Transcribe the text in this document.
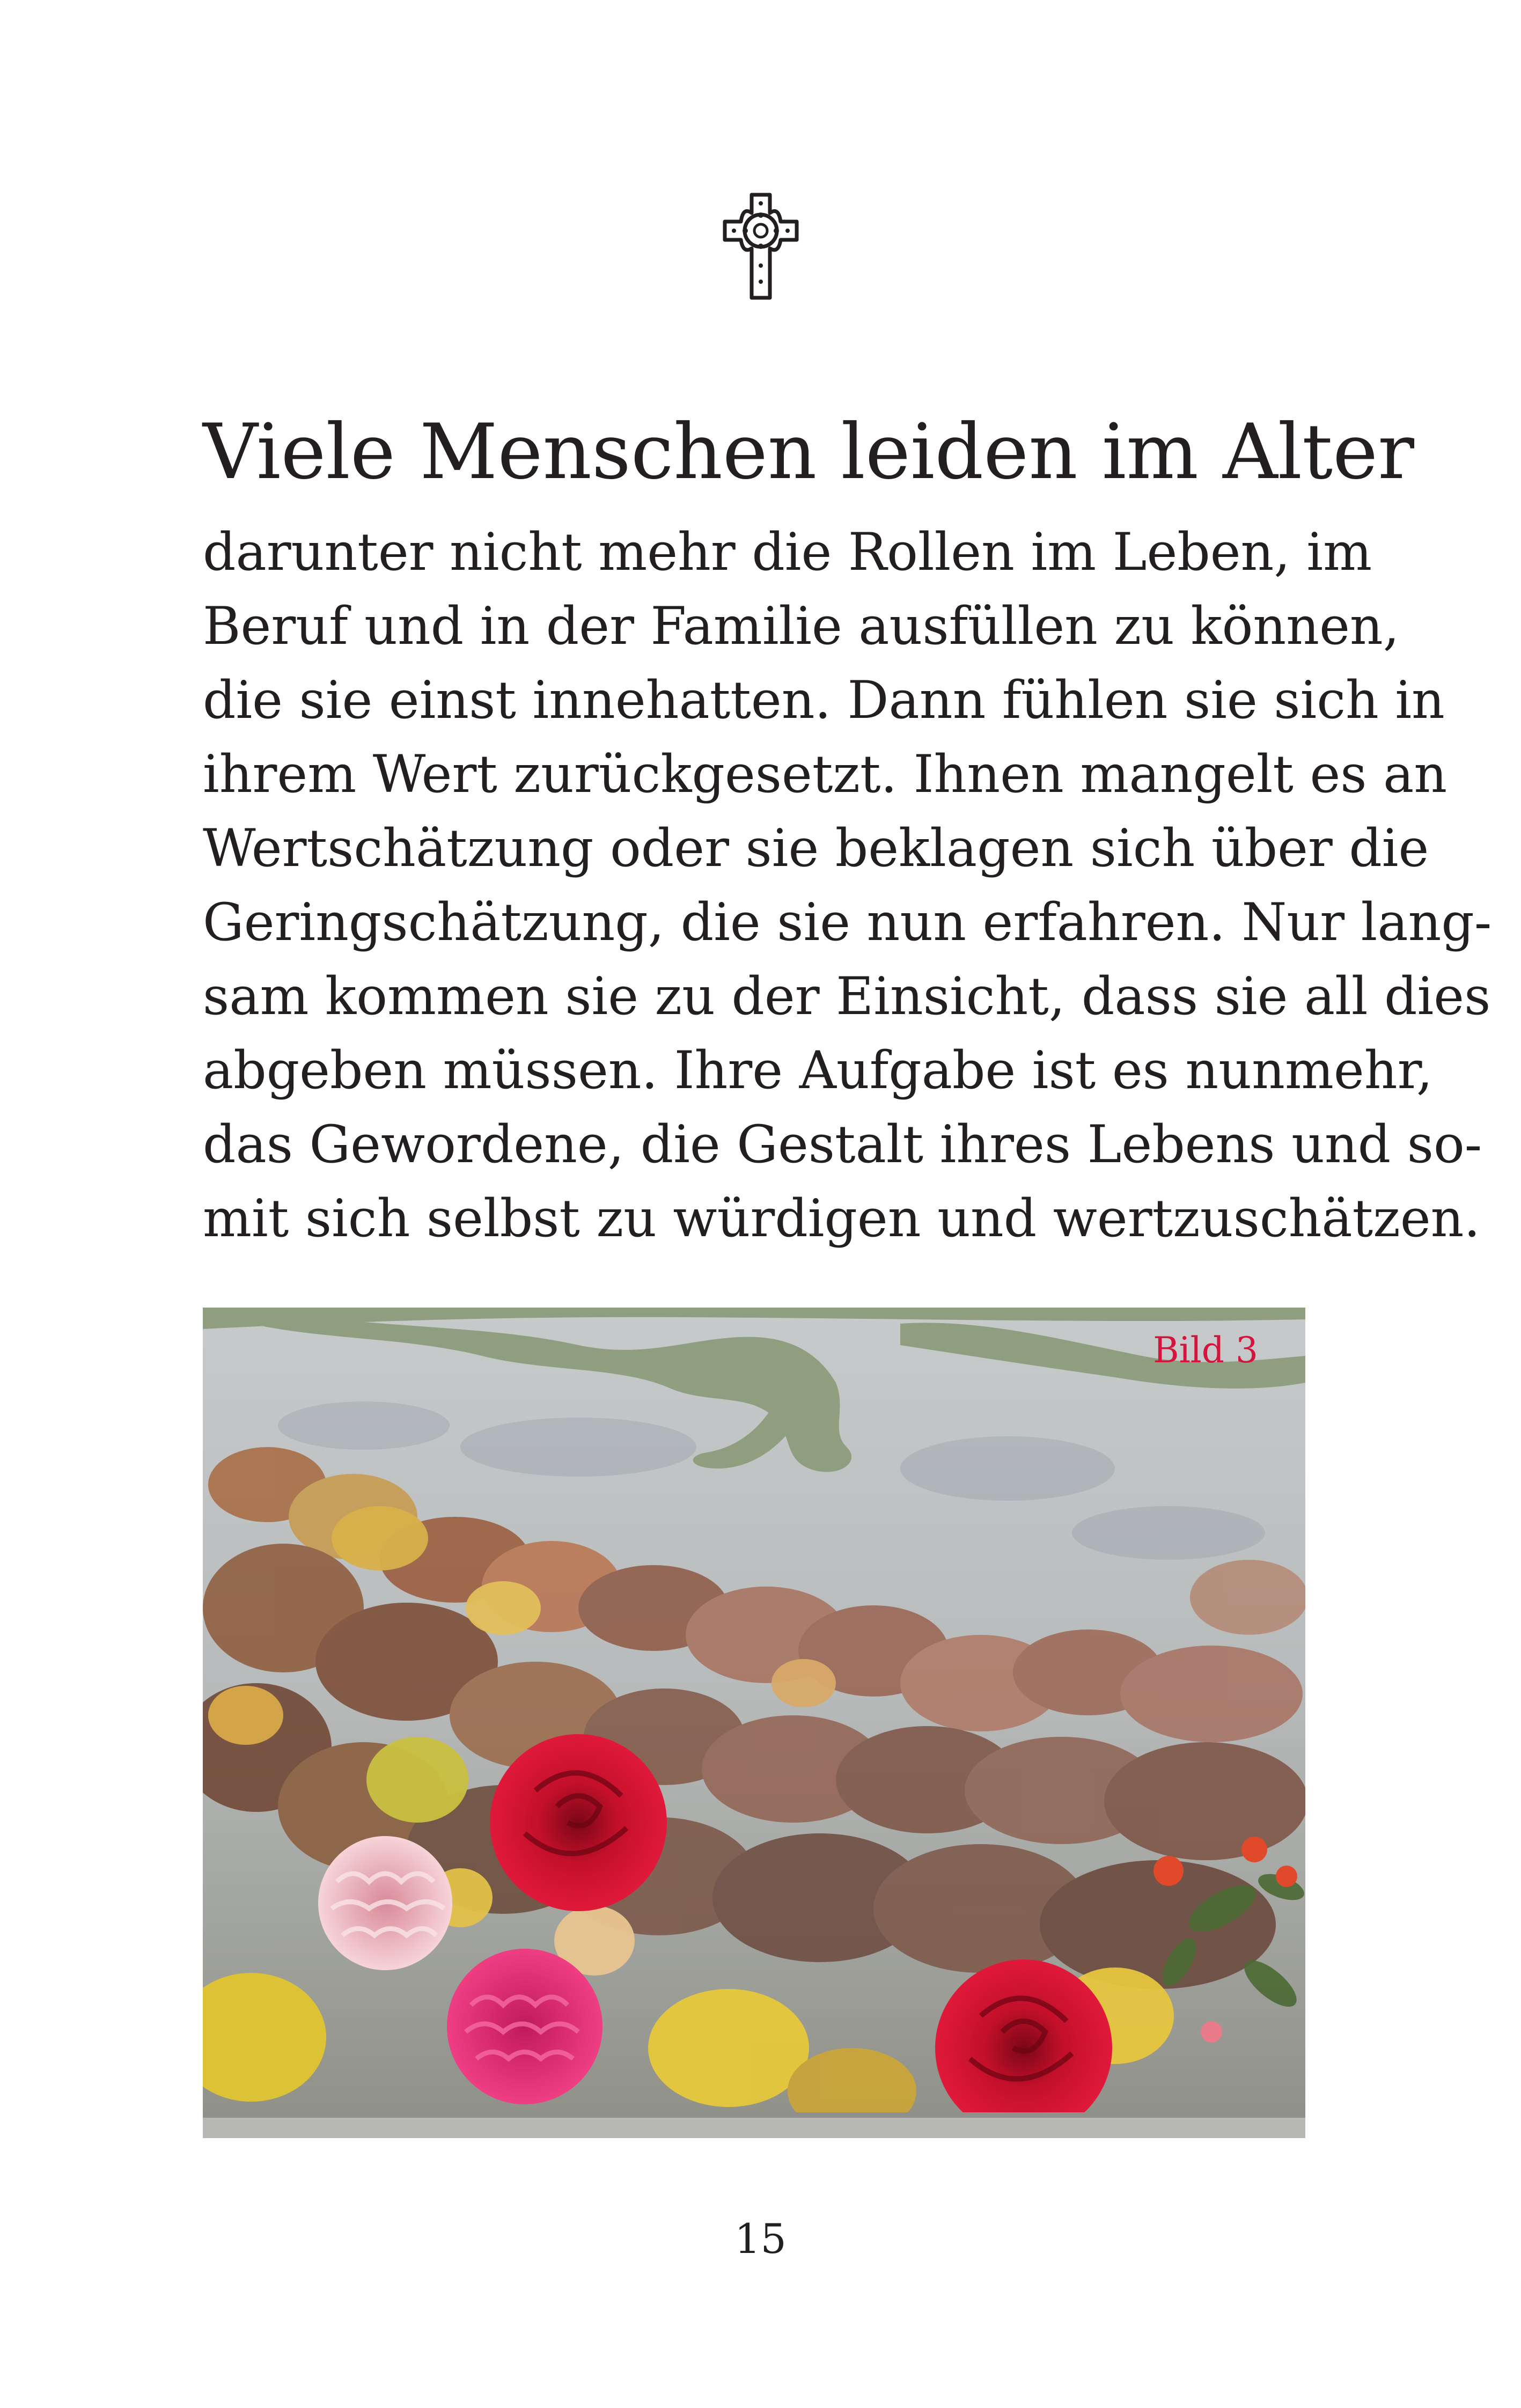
Viele Menschen leiden im Alter
darunter nicht mehr die Rollen im Leben, im
Beruf und in der Familie ausfüllen zu können,
die sie einst innehatten. Dann fühlen sie sich in
ihrem Wert zurückgesetzt. Ihnen mangelt es an
Wertschätzung oder sie beklagen sich über die
Geringschätzung, die sie nun erfahren. Nur lang-
sam kommen sie zu der Einsicht, dass sie all dies
abgeben müssen. Ihre Aufgabe ist es nunmehr,
das Gewordene, die Gestalt ihres Lebens und so-
mit sich selbst zu würdigen und wertzuschätzen.
Bild 3
15
